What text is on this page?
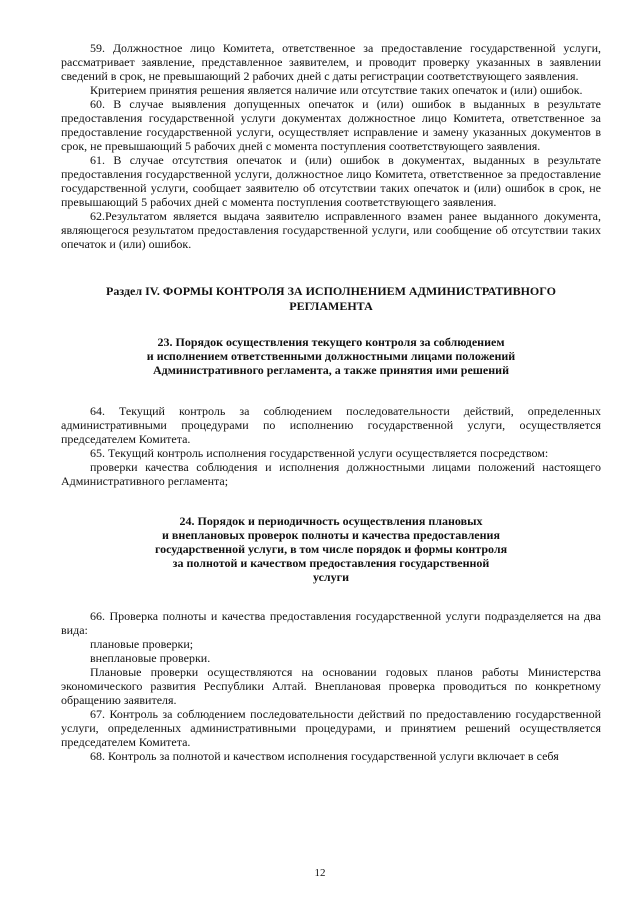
59. Должностное лицо Комитета, ответственное за предоставление государственной услуги, рассматривает заявление, представленное заявителем, и проводит проверку указанных в заявлении сведений в срок, не превышающий 2 рабочих дней с даты регистрации соответствующего заявления.

Критерием принятия решения является наличие или отсутствие таких опечаток и (или) ошибок.

60. В случае выявления допущенных опечаток и (или) ошибок в выданных в результате предоставления государственной услуги документах должностное лицо Комитета, ответственное за предоставление государственной услуги, осуществляет исправление и замену указанных документов в срок, не превышающий 5 рабочих дней с момента поступления соответствующего заявления.

61. В случае отсутствия опечаток и (или) ошибок в документах, выданных в результате предоставления государственной услуги, должностное лицо Комитета, ответственное за предоставление государственной услуги, сообщает заявителю об отсутствии таких опечаток и (или) ошибок в срок, не превышающий 5 рабочих дней с момента поступления соответствующего заявления.

62.Результатом является выдача заявителю исправленного взамен ранее выданного документа, являющегося результатом предоставления государственной услуги, или сообщение об отсутствии таких опечаток и (или) ошибок.

Раздел IV. ФОРМЫ КОНТРОЛЯ ЗА ИСПОЛНЕНИЕМ АДМИНИСТРАТИВНОГО РЕГЛАМЕНТА
23. Порядок осуществления текущего контроля за соблюдением
и исполнением ответственными должностными лицами положений
Административного регламента, а также принятия ими решений

64. Текущий контроль за соблюдением последовательности действий, определенных административными процедурами по исполнению государственной услуги, осуществляется председателем Комитета.

65. Текущий контроль исполнения государственной услуги осуществляется посредством:

проверки качества соблюдения и исполнения должностными лицами положений настоящего Административного регламента;

24. Порядок и периодичность осуществления плановых
и внеплановых проверок полноты и качества предоставления
государственной услуги, в том числе порядок и формы контроля
за полнотой и качеством предоставления государственной
услуги

66. Проверка полноты и качества предоставления государственной услуги подразделяется на два вида:

плановые проверки;

внеплановые проверки.

Плановые проверки осуществляются на основании годовых планов работы Министерства экономического развития Республики Алтай. Внеплановая проверка проводиться по конкретному обращению заявителя.

67. Контроль за соблюдением последовательности действий по предоставлению государственной услуги, определенных административными процедурами, и принятием решений осуществляется председателем Комитета.

68. Контроль за полнотой и качеством исполнения государственной услуги включает в себя

12
